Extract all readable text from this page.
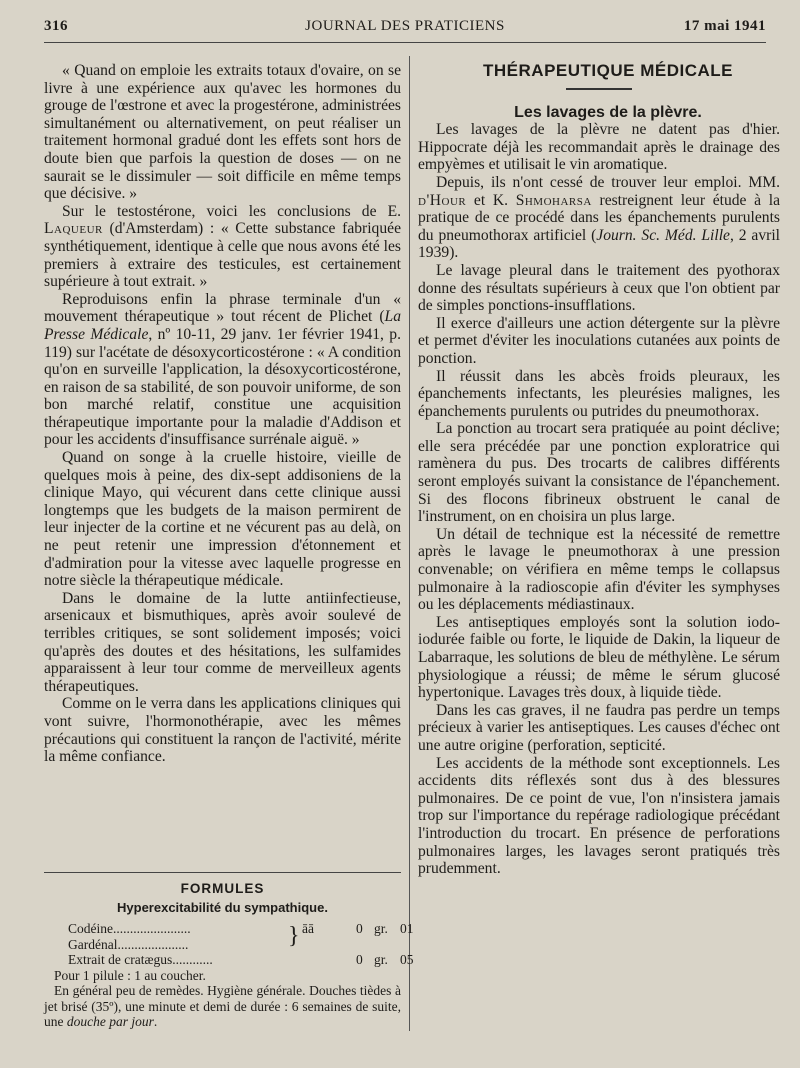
316	JOURNAL DES PRATICIENS	17 mai 1941

« Quand on emploie les extraits totaux d'ovaire, on se livre à une expérience aux qu'avec les hormones du grouge de l'œstrone et avec la progestérone, administrées simultanément ou alternativement, on peut réaliser un traitement hormonal gradué dont les effets sont hors de doute bien que parfois la question de doses — on ne saurait se le dissimuler — soit difficile en même temps que décisive. »

Sur le testostérone, voici les conclusions de E. Laqueur (d'Amsterdam) : « Cette substance fabriquée synthétiquement, identique à celle que nous avons été les premiers à extraire des testicules, est certainement supérieure à tout extrait. »

Reproduisons enfin la phrase terminale d'un « mouvement thérapeutique » tout récent de Plichet (La Presse Médicale, nº 10-11, 29 janv. 1er février 1941, p. 119) sur l'acétate de désoxycorticostérone : « A condition qu'on en surveille l'application, la désoxycorticostérone, en raison de sa stabilité, de son pouvoir uniforme, de son bon marché relatif, constitue une acquisition thérapeutique importante pour la maladie d'Addison et pour les accidents d'insuffisance surrénale aiguë. »

Quand on songe à la cruelle histoire, vieille de quelques mois à peine, des dix-sept addisoniens de la clinique Mayo, qui vécurent dans cette clinique aussi longtemps que les budgets de la maison permirent de leur injecter de la cortine et ne vécurent pas au delà, on ne peut retenir une impression d'étonnement et d'admiration pour la vitesse avec laquelle progresse en notre siècle la thérapeutique médicale.

Dans le domaine de la lutte antiinfectieuse, arsenicaux et bismuthiques, après avoir soulevé de terribles critiques, se sont solidement imposés; voici qu'après des doutes et des hésitations, les sulfamides apparaissent à leur tour comme de merveilleux agents thérapeutiques.

Comme on le verra dans les applications cliniques qui vont suivre, l'hormonothérapie, avec les mêmes précautions qui constituent la rançon de l'activité, mérite la même confiance.

FORMULES
Hyperexcitabilité du sympathique.
Codéine.......................	} āā	0 gr. 01
Gardénal.....................
Extrait de cratægus............	0 gr. 05

Pour 1 pilule : 1 au coucher.

En général peu de remèdes. Hygiène générale. Douches tièdes à jet brisé (35º), une minute et demi de durée : 6 semaines de suite, une douche par jour.

THÉRAPEUTIQUE MÉDICALE

Les lavages de la plèvre.

Les lavages de la plèvre ne datent pas d'hier. Hippocrate déjà les recommandait après le drainage des empyèmes et utilisait le vin aromatique.

Depuis, ils n'ont cessé de trouver leur emploi. MM. d'Hour et K. Shmoharsa restreignent leur étude à la pratique de ce procédé dans les épanchements purulents du pneumothorax artificiel (Journ. Sc. Méd. Lille, 2 avril 1939).

Le lavage pleural dans le traitement des pyothorax donne des résultats supérieurs à ceux que l'on obtient par de simples ponctions-insufflations.

Il exerce d'ailleurs une action détergente sur la plèvre et permet d'éviter les inoculations cutanées aux points de ponction.

Il réussit dans les abcès froids pleuraux, les épanchements infectants, les pleurésies malignes, les épanchements purulents ou putrides du pneumothorax.

La ponction au trocart sera pratiquée au point déclive; elle sera précédée par une ponction exploratrice qui ramènera du pus. Des trocarts de calibres différents seront employés suivant la consistance de l'épanchement. Si des flocons fibrineux obstruent le canal de l'instrument, on en choisira un plus large.

Un détail de technique est la nécessité de remettre après le lavage le pneumothorax à une pression convenable; on vérifiera en même temps le collapsus pulmonaire à la radioscopie afin d'éviter les symphyses ou les déplacements médiastinaux.

Les antiseptiques employés sont la solution iodo-iodurée faible ou forte, le liquide de Dakin, la liqueur de Labarraque, les solutions de bleu de méthylène. Le sérum physiologique a réussi; de même le sérum glucosé hypertonique. Lavages très doux, à liquide tiède.

Dans les cas graves, il ne faudra pas perdre un temps précieux à varier les antiseptiques. Les causes d'échec ont une autre origine (perforation, septicité.

Les accidents de la méthode sont exceptionnels. Les accidents dits réflexés sont dus à des blessures pulmonaires. De ce point de vue, l'on n'insistera jamais trop sur l'importance du repérage radiologique précédant l'introduction du trocart. En présence de perforations pulmonaires larges, les lavages seront pratiqués très prudemment.
